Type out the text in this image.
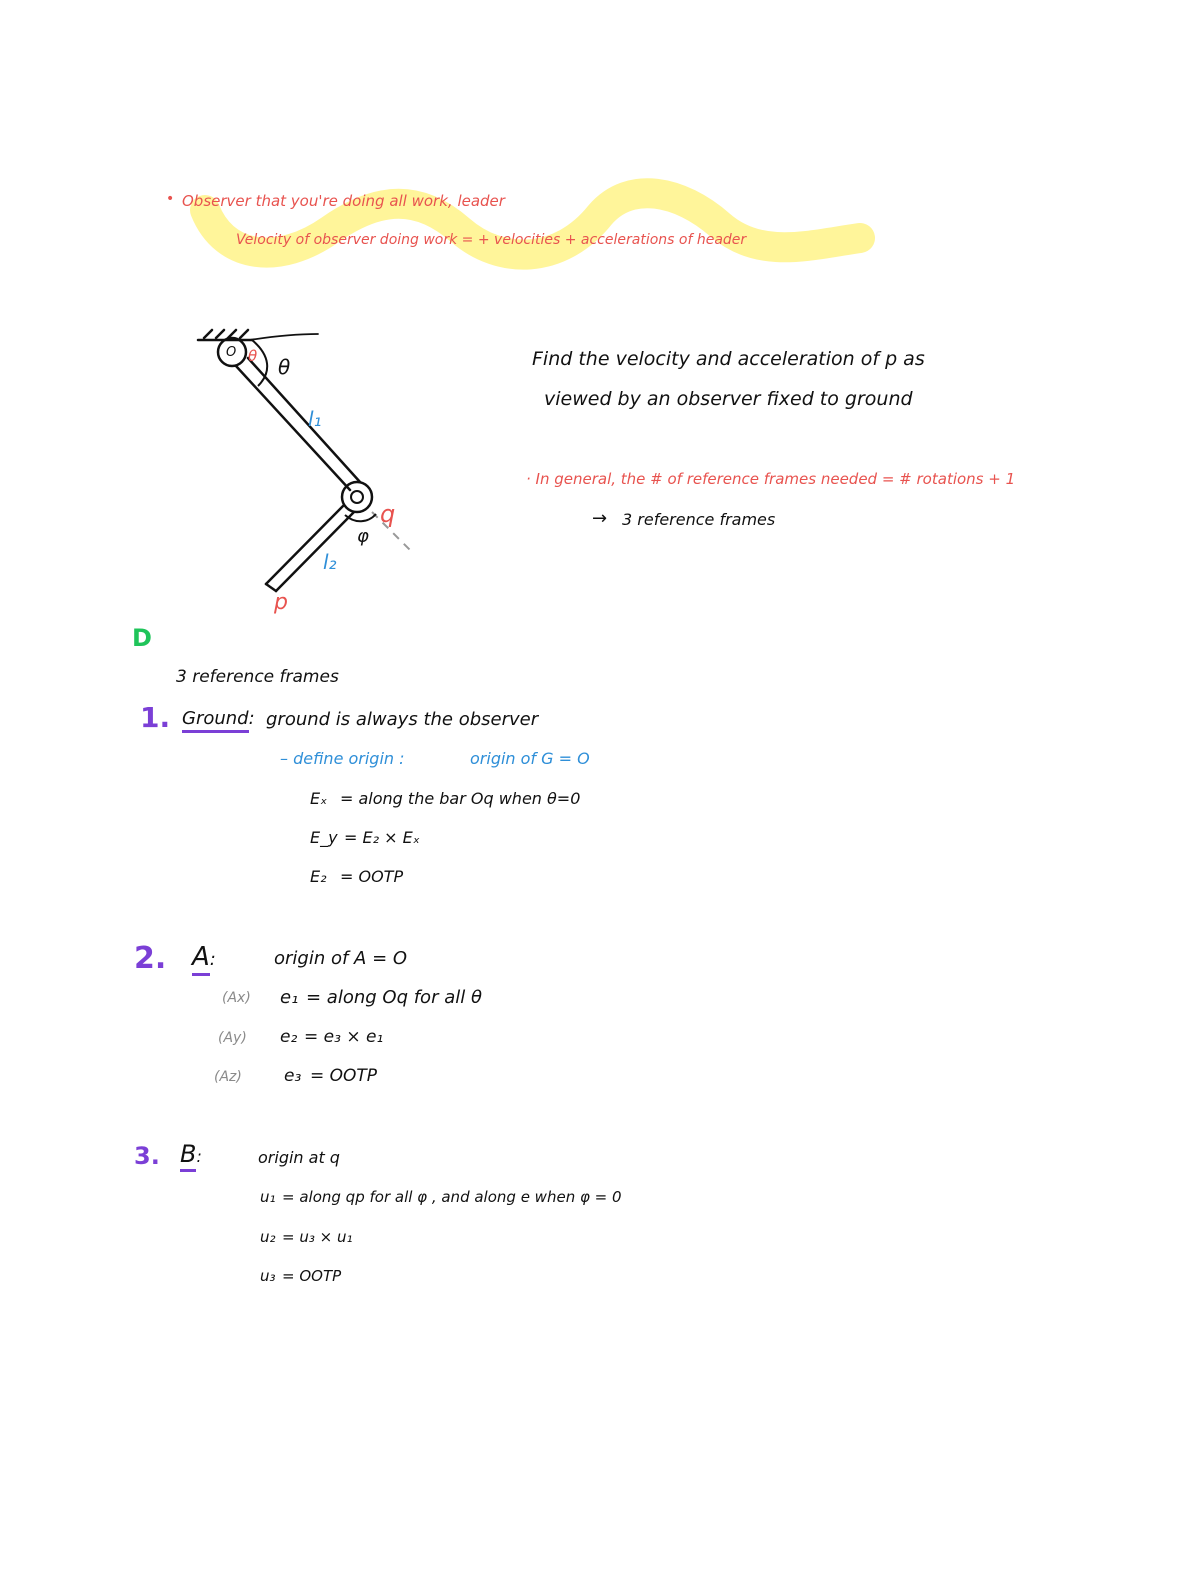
• Observer that you're doing all work, leader
Velocity of observer doing work = + velocities + accelerations of header
O θ θ
l₁
q
φ
l₂
p
Find the velocity and acceleration of p as
viewed by an observer fixed to ground
· In general, the # of reference frames needed = # rotations + 1
→ 3 reference frames
D
3 reference frames
1. Ground: ground is always the observer
– define origin :	origin of G = O
Eₓ = along the bar Oq when θ=0
E_y = E₂ × Eₓ
E₂ = OOTP
2. A:	origin of A = O
(Ax) e₁ = along Oq for all θ
(Ay) e₂ = e₃ × e₁
(Az) e₃ = OOTP
3. B:	origin at q
u₁ = along qp for all φ , and along e when φ = 0
u₂ = u₃ × u₁
u₃ = OOTP
